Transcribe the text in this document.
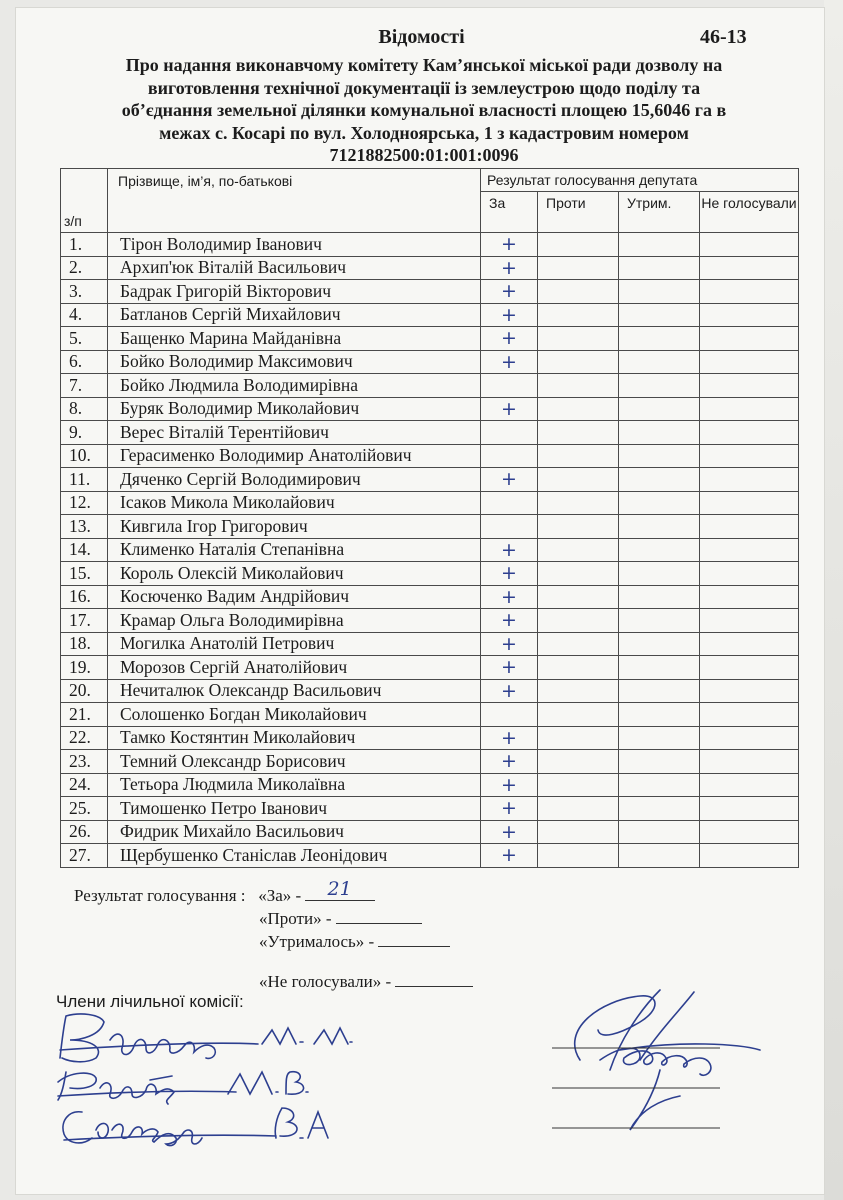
Відомості	46-13
Про надання виконавчому комітету Кам’янської міської ради дозволу на
виготовлення технічної документації із землеустрою щодо поділу та
об’єднання земельної ділянки комунальної власності площею 15,6046 га в
межах с. Косарі по вул. Холодноярська, 1 з кадастровим номером
7121882500:01:001:0096
з/п	Прізвище, ім’я, по-батькові	Результат голосування депутата			
		За	Проти	Утрим.	Не голосували
1.	Тірон Володимир Іванович	+			
2.	Архип'юк Віталій Васильович	+			
3.	Бадрак Григорій Вікторович	+			
4.	Батланов Сергій Михайлович	+			
5.	Бащенко Марина Майданівна	+			
6.	Бойко Володимир Максимович	+			
7.	Бойко Людмила Володимирівна				
8.	Буряк Володимир Миколайович	+			
9.	Верес Віталій Терентійович				
10.	Герасименко Володимир Анатолійович				
11.	Дяченко Сергій Володимирович	+			
12.	Ісаков Микола Миколайович				
13.	Кивгила Ігор Григорович				
14.	Клименко Наталія Степанівна	+			
15.	Король Олексій Миколайович	+			
16.	Косюченко Вадим Андрійович	+			
17.	Крамар Ольга Володимирівна	+			
18.	Могилка Анатолій Петрович	+			
19.	Морозов Сергій Анатолійович	+			
20.	Нечиталюк Олександр Васильович	+			
21.	Солошенко Богдан Миколайович				
22.	Тамко Костянтин Миколайович	+			
23.	Темний Олександр Борисович	+			
24.	Тетьора Людмила Миколаївна	+			
25.	Тимошенко Петро Іванович	+			
26.	Фидрик Михайло Васильович	+			
27.	Щербушенко Станіслав Леонідович	+			
Результат голосування : «За» - 21
«Проти» -
«Утрималось» -
«Не голосували» -
Члени лічильної комісії:
